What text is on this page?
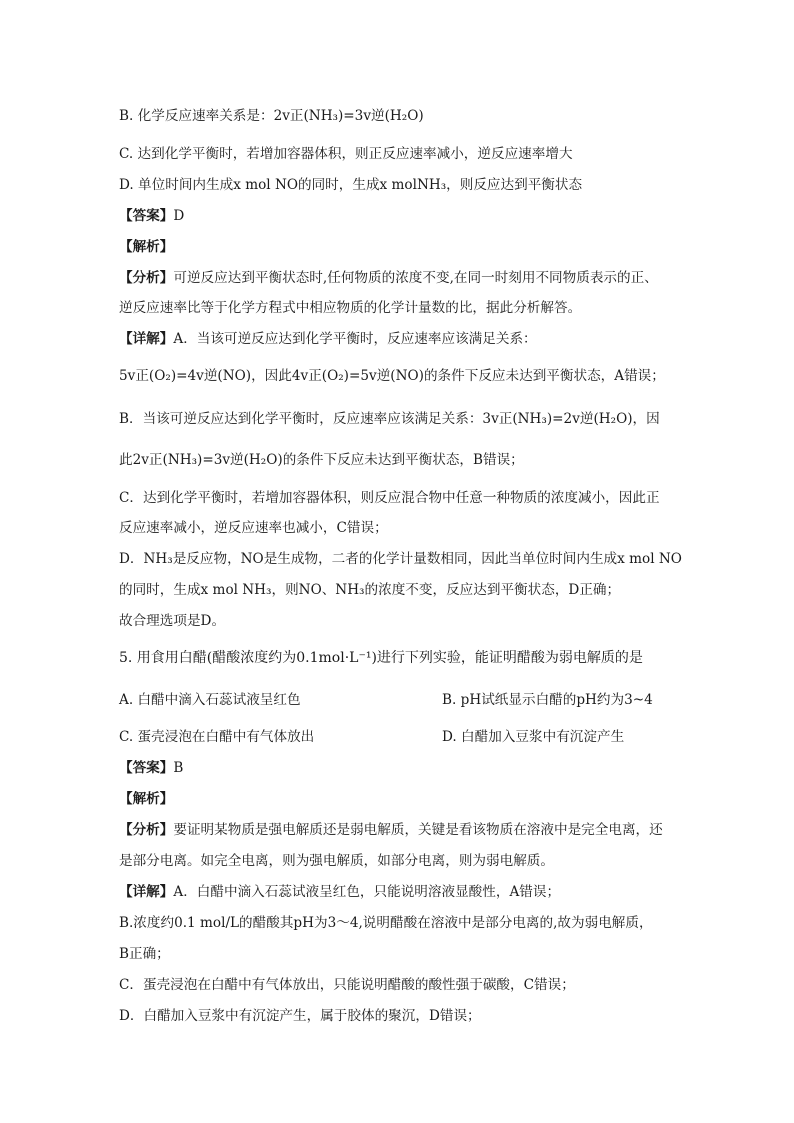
B. 化学反应速率关系是：2v正(NH₃)=3v逆(H₂O)
C. 达到化学平衡时，若增加容器体积，则正反应速率减小，逆反应速率增大
D. 单位时间内生成x mol NO的同时，生成x molNH₃，则反应达到平衡状态
【答案】D
【解析】
【分析】可逆反应达到平衡状态时,任何物质的浓度不变,在同一时刻用不同物质表示的正、
逆反应速率比等于化学方程式中相应物质的化学计量数的比，据此分析解答。
【详解】A．当该可逆反应达到化学平衡时，反应速率应该满足关系：
5v正(O₂)=4v逆(NO)，因此4v正(O₂)=5v逆(NO)的条件下反应未达到平衡状态，A错误；
B．当该可逆反应达到化学平衡时，反应速率应该满足关系：3v正(NH₃)=2v逆(H₂O)，因
此2v正(NH₃)=3v逆(H₂O)的条件下反应未达到平衡状态，B错误；
C．达到化学平衡时，若增加容器体积，则反应混合物中任意一种物质的浓度减小，因此正
反应速率减小，逆反应速率也减小，C错误；
D．NH₃是反应物，NO是生成物，二者的化学计量数相同，因此当单位时间内生成x mol NO
的同时，生成x mol NH₃，则NO、NH₃的浓度不变，反应达到平衡状态，D正确；
故合理选项是D。
5. 用食用白醋(醋酸浓度约为0.1mol·L⁻¹)进行下列实验，能证明醋酸为弱电解质的是
A. 白醋中滴入石蕊试液呈红色	B. pH试纸显示白醋的pH约为3~4
C. 蛋壳浸泡在白醋中有气体放出	D. 白醋加入豆浆中有沉淀产生
【答案】B
【解析】
【分析】要证明某物质是强电解质还是弱电解质，关键是看该物质在溶液中是完全电离，还
是部分电离。如完全电离，则为强电解质，如部分电离，则为弱电解质。
【详解】A．白醋中滴入石蕊试液呈红色，只能说明溶液显酸性，A错误；
B.浓度约0.1 mol/L的醋酸其pH为3～4,说明醋酸在溶液中是部分电离的,故为弱电解质，
B正确；
C．蛋壳浸泡在白醋中有气体放出，只能说明醋酸的酸性强于碳酸，C错误；
D．白醋加入豆浆中有沉淀产生，属于胶体的聚沉，D错误；
